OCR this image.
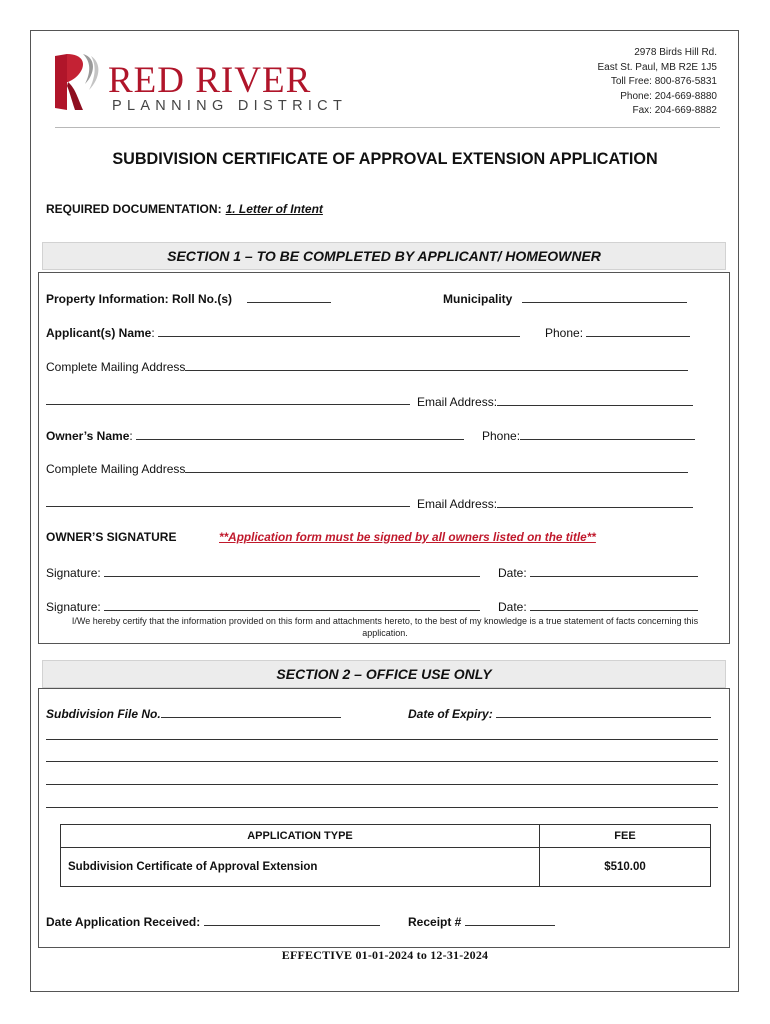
RED RIVER
PLANNING DISTRICT
2978 Birds Hill Rd.
East St. Paul, MB R2E 1J5
Toll Free: 800-876-5831
Phone: 204-669-8880
Fax: 204-669-8882
SUBDIVISION CERTIFICATE OF APPROVAL EXTENSION APPLICATION
REQUIRED DOCUMENTATION: 1. Letter of Intent
SECTION 1 – TO BE COMPLETED BY APPLICANT/ HOMEOWNER
Property Information: Roll No.(s)	Municipality
Applicant(s) Name:	Phone:
Complete Mailing Address
Email Address:
Owner’s Name:	Phone:
Complete Mailing Address
Email Address:
OWNER’S SIGNATURE	**Application form must be signed by all owners listed on the title**
Signature:	Date:
Signature:	Date:
I/We hereby certify that the information provided on this form and attachments hereto, to the best of my knowledge is a true statement of facts concerning this application.
SECTION 2 – OFFICE USE ONLY
Subdivision File No.	Date of Expiry:
APPLICATION TYPE	FEE
Subdivision Certificate of Approval Extension	$510.00
Date Application Received:	Receipt #
EFFECTIVE 01-01-2024 to 12-31-2024
